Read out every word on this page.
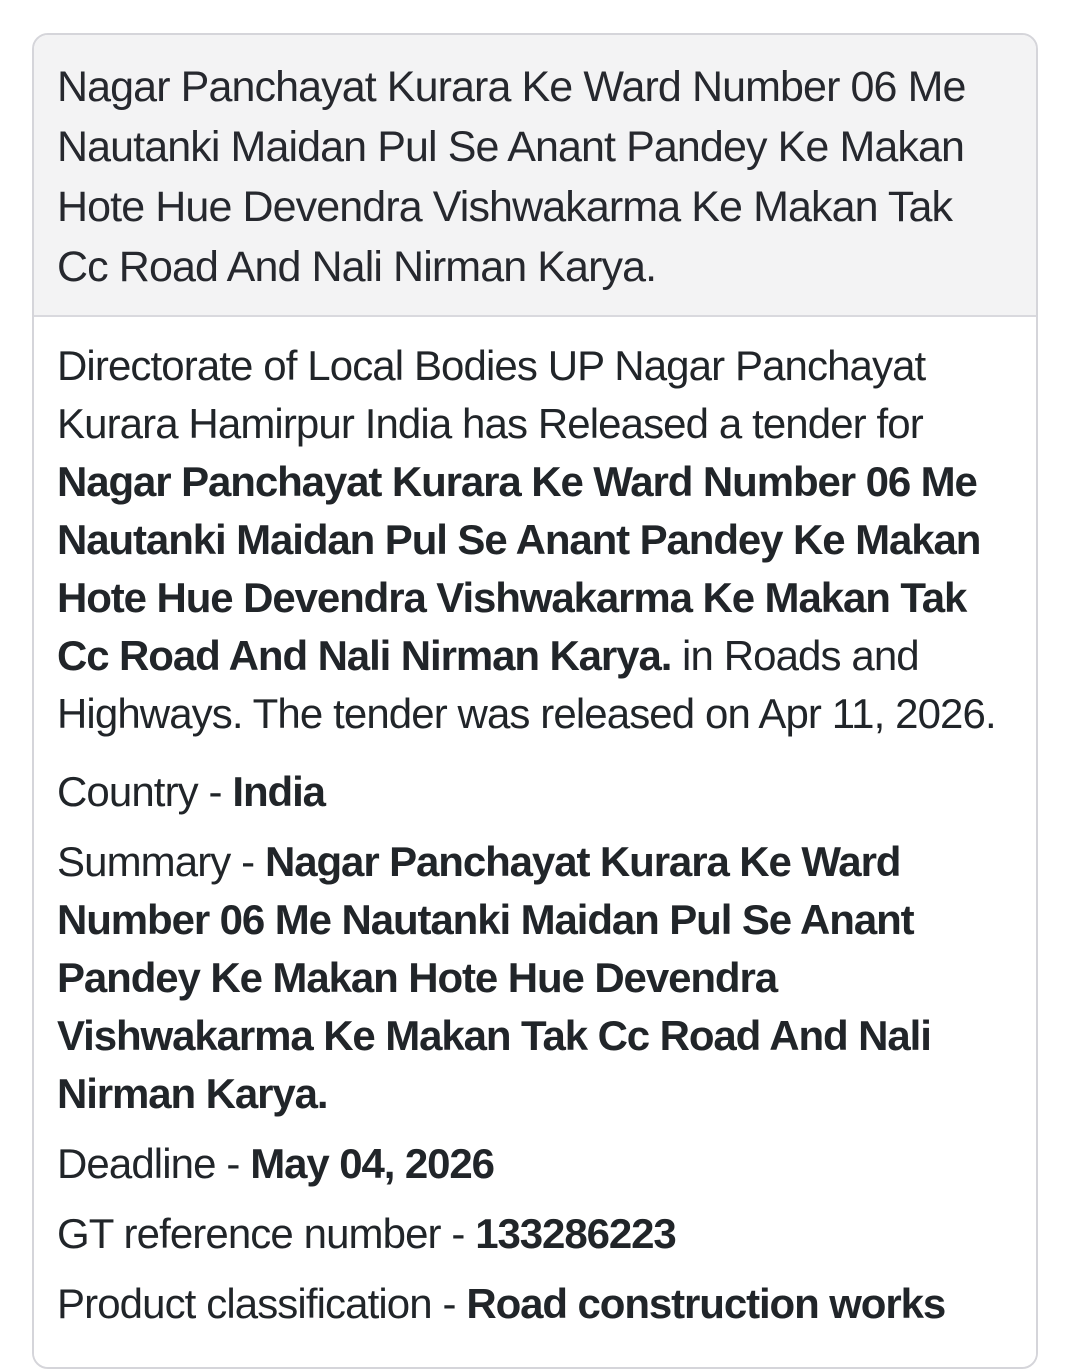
Nagar Panchayat Kurara Ke Ward Number 06 Me Nautanki Maidan Pul Se Anant Pandey Ke Makan Hote Hue Devendra Vishwakarma Ke Makan Tak Cc Road And Nali Nirman Karya.

Directorate of Local Bodies UP Nagar Panchayat Kurara Hamirpur India has Released a tender for Nagar Panchayat Kurara Ke Ward Number 06 Me Nautanki Maidan Pul Se Anant Pandey Ke Makan Hote Hue Devendra Vishwakarma Ke Makan Tak Cc Road And Nali Nirman Karya. in Roads and Highways. The tender was released on Apr 11, 2026.

Country - India

Summary - Nagar Panchayat Kurara Ke Ward Number 06 Me Nautanki Maidan Pul Se Anant Pandey Ke Makan Hote Hue Devendra Vishwakarma Ke Makan Tak Cc Road And Nali Nirman Karya.

Deadline - May 04, 2026

GT reference number - 133286223

Product classification - Road construction works
